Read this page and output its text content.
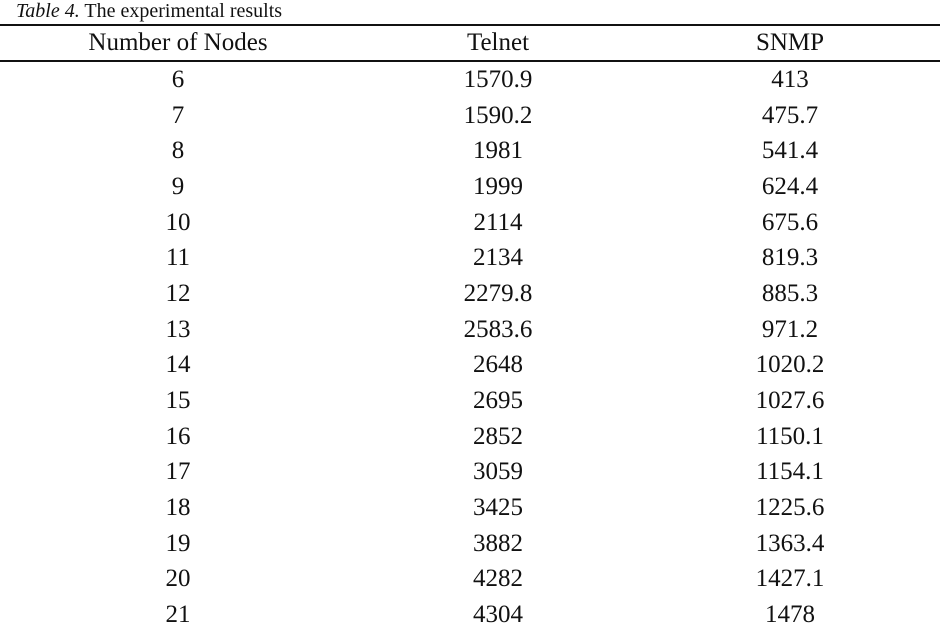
Table 4. The experimental results
Number of Nodes	Telnet	SNMP
6	1570.9	413
7	1590.2	475.7
8	1981	541.4
9	1999	624.4
10	2114	675.6
11	2134	819.3
12	2279.8	885.3
13	2583.6	971.2
14	2648	1020.2
15	2695	1027.6
16	2852	1150.1
17	3059	1154.1
18	3425	1225.6
19	3882	1363.4
20	4282	1427.1
21	4304	1478
